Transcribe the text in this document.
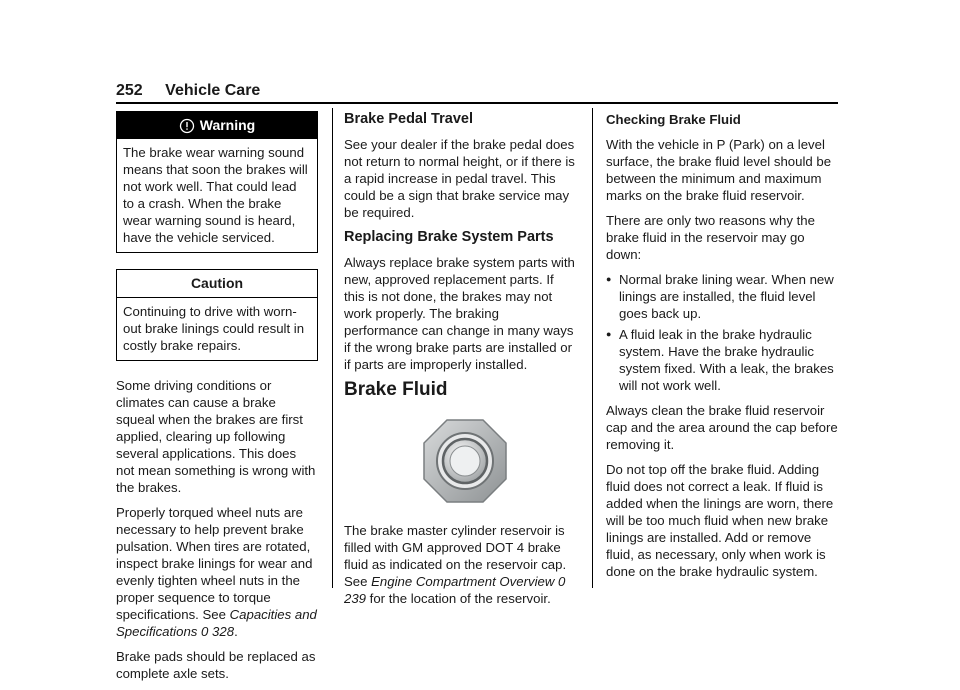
252 Vehicle Care
Warning
The brake wear warning sound means that soon the brakes will not work well. That could lead to a crash. When the brake wear warning sound is heard, have the vehicle serviced.
Caution
Continuing to drive with worn-out brake linings could result in costly brake repairs.

Some driving conditions or climates can cause a brake squeal when the brakes are first applied, clearing up following several applications. This does not mean something is wrong with the brakes.

Properly torqued wheel nuts are necessary to help prevent brake pulsation. When tires are rotated, inspect brake linings for wear and evenly tighten wheel nuts in the proper sequence to torque specifications. See Capacities and Specifications 0 328.

Brake pads should be replaced as complete axle sets.

Brake Pedal Travel

See your dealer if the brake pedal does not return to normal height, or if there is a rapid increase in pedal travel. This could be a sign that brake service may be required.

Replacing Brake System Parts

Always replace brake system parts with new, approved replacement parts. If this is not done, the brakes may not work properly. The braking performance can change in many ways if the wrong brake parts are installed or if parts are improperly installed.

Brake Fluid

The brake master cylinder reservoir is filled with GM approved DOT 4 brake fluid as indicated on the reservoir cap. See Engine Compartment Overview 0 239 for the location of the reservoir.

Checking Brake Fluid

With the vehicle in P (Park) on a level surface, the brake fluid level should be between the minimum and maximum marks on the brake fluid reservoir.

There are only two reasons why the brake fluid in the reservoir may go down:

● Normal brake lining wear. When new linings are installed, the fluid level goes back up.
● A fluid leak in the brake hydraulic system. Have the brake hydraulic system fixed. With a leak, the brakes will not work well.

Always clean the brake fluid reservoir cap and the area around the cap before removing it.

Do not top off the brake fluid. Adding fluid does not correct a leak. If fluid is added when the linings are worn, there will be too much fluid when new brake linings are installed. Add or remove fluid, as necessary, only when work is done on the brake hydraulic system.
